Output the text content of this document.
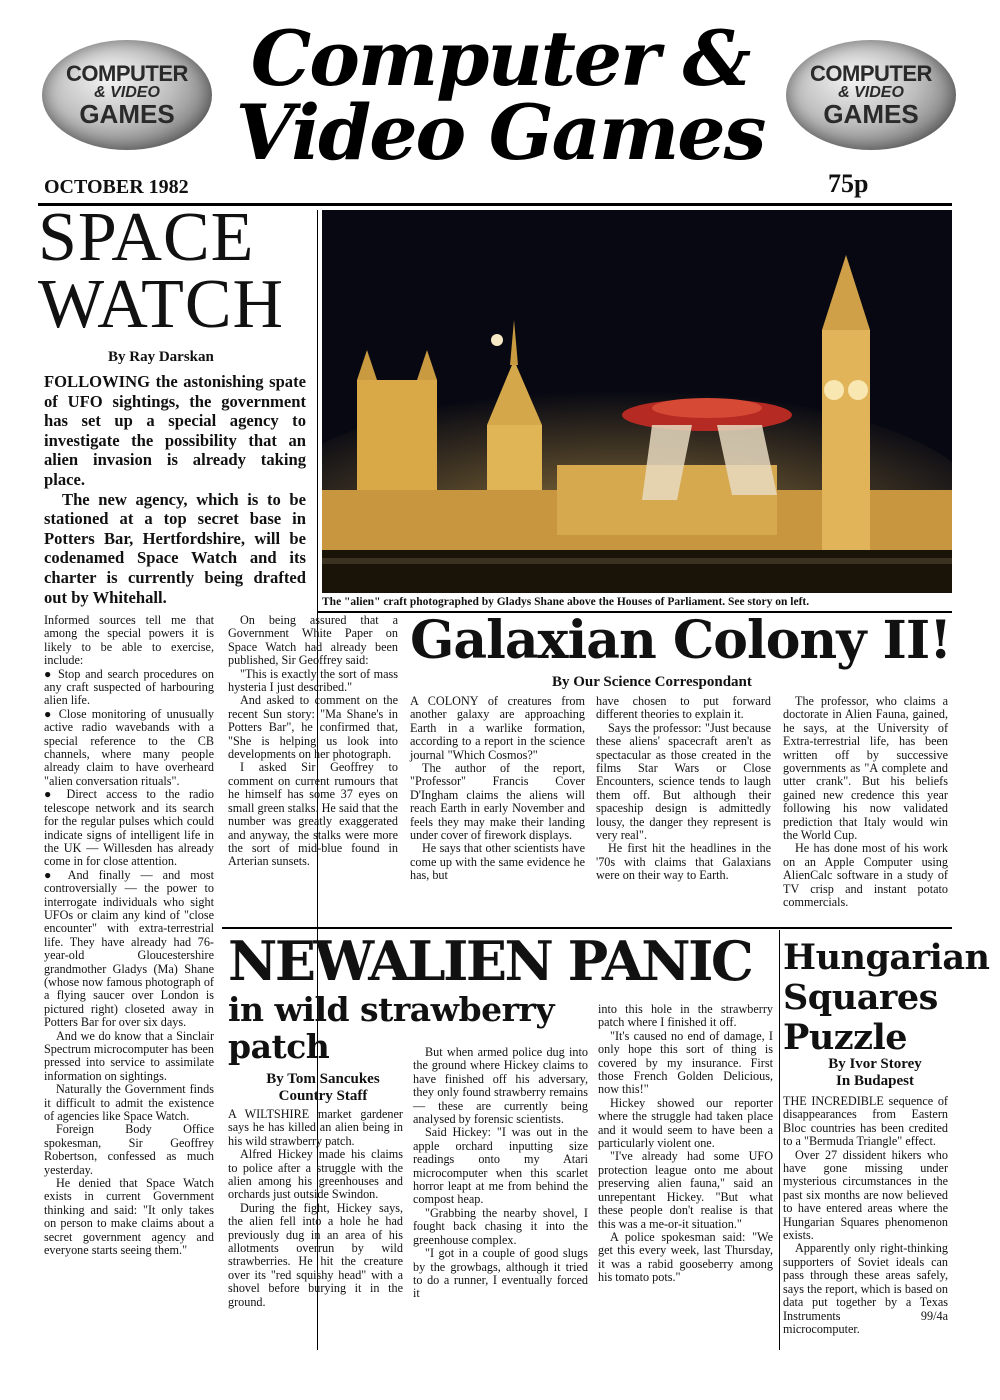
COMPUTER
& VIDEO
GAMES
COMPUTER
& VIDEO
GAMES
Computer &
Video Games
OCTOBER 1982	75p
SPACE
WATCH
By Ray Darskan

FOLLOWING the astonishing spate of UFO sightings, the government has set up a special agency to investigate the possibility that an alien invasion is already taking place.

The new agency, which is to be stationed at a top secret base in Potters Bar, Hertfordshire, will be codenamed Space Watch and its charter is currently being drafted out by Whitehall.

Informed sources tell me that among the special powers it is likely to be able to exercise, include:

● Stop and search procedures on any craft suspected of harbouring alien life.

● Close monitoring of unusually active radio wavebands with a special reference to the CB channels, where many people already claim to have overheard "alien conversation rituals".

● Direct access to the radio telescope network and its search for the regular pulses which could indicate signs of intelligent life in the UK — Willesden has already come in for close attention.

● And finally — and most controversially — the power to interrogate individuals who sight UFOs or claim any kind of "close encounter" with extra-terrestrial life. They have already had 76-year-old Gloucestershire grandmother Gladys (Ma) Shane (whose now famous photograph of a flying saucer over London is pictured right) closeted away in Potters Bar for over six days.

And we do know that a Sinclair Spectrum microcomputer has been pressed into service to assimilate information on sightings.

Naturally the Government finds it difficult to admit the existence of agencies like Space Watch.

Foreign Body Office spokesman, Sir Geoffrey Robertson, confessed as much yesterday.

He denied that Space Watch exists in current Government thinking and said: "It only takes on person to make claims about a secret government agency and everyone starts seeing them."

On being assured that a Government White Paper on Space Watch had already been published, Sir Geoffrey said:

"This is exactly the sort of mass hysteria I just described."

And asked to comment on the recent Sun story: "Ma Shane's in Potters Bar", he confirmed that, "She is helping us look into developments on her photograph.

I asked Sir Geoffrey to comment on current rumours that he himself has some 37 eyes on small green stalks. He said that the number was greatly exaggerated and anyway, the stalks were more the sort of mid-blue found in Arterian sunsets.

The "alien" craft photographed by Gladys Shane above the Houses of Parliament. See story on left.
Galaxian Colony II!
By Our Science Correspondant

A COLONY of creatures from another galaxy are approaching Earth in a warlike formation, according to a report in the science journal "Which Cosmos?"

The author of the report, "Professor" Francis Cover D'Ingham claims the aliens will reach Earth in early November and feels they may make their landing under cover of firework displays.

He says that other scientists have come up with the same evidence he has, but

have chosen to put forward different theories to explain it.

Says the professor: "Just because these aliens' spacecraft aren't as spectacular as those created in the films Star Wars or Close Encounters, science tends to laugh them off. But although their spaceship design is admittedly lousy, the danger they represent is very real".

He first hit the headlines in the '70s with claims that Galaxians were on their way to Earth.

The professor, who claims a doctorate in Alien Fauna, gained, he says, at the University of Extra-terrestrial life, has been written off by successive governments as "A complete and utter crank". But his beliefs gained new credence this year following his now validated prediction that Italy would win the World Cup.

He has done most of his work on an Apple Computer using AlienCalc software in a study of TV crisp and instant potato commercials.

NEWALIEN PANIC
in wild strawberry patch
By Tom Sancukes
Country Staff

A WILTSHIRE market gardener says he has killed an alien being in his wild strawberry patch.

Alfred Hickey made his claims to police after a struggle with the alien among his greenhouses and orchards just outside Swindon.

During the fight, Hickey says, the alien fell into a hole he had previously dug in an area of his allotments overrun by wild strawberries. He hit the creature over its "red squishy head" with a shovel before burying it in the ground.

But when armed police dug into the ground where Hickey claims to have finished off his adversary, they only found strawberry remains — these are currently being analysed by forensic scientists.

Said Hickey: "I was out in the apple orchard inputting size readings onto my Atari microcomputer when this scarlet horror leapt at me from behind the compost heap.

"Grabbing the nearby shovel, I fought back chasing it into the greenhouse complex.

"I got in a couple of good slugs by the growbags, although it tried to do a runner, I eventually forced it

into this hole in the strawberry patch where I finished it off.

"It's caused no end of damage, I only hope this sort of thing is covered by my insurance. First those French Golden Delicious, now this!"

Hickey showed our reporter where the struggle had taken place and it would seem to have been a particularly violent one.

"I've already had some UFO protection league onto me about preserving alien fauna," said an unrepentant Hickey. "But what these people don't realise is that this was a me-or-it situation."

A police spokesman said: "We get this every week, last Thursday, it was a rabid gooseberry among his tomato pots."

Hungarian
Squares
Puzzle
By Ivor Storey
In Budapest

THE INCREDIBLE sequence of disappearances from Eastern Bloc countries has been credited to a "Bermuda Triangle" effect.

Over 27 dissident hikers who have gone missing under mysterious circumstances in the past six months are now believed to have entered areas where the Hungarian Squares phenomenon exists.

Apparently only right-thinking supporters of Soviet ideals can pass through these areas safely, says the report, which is based on data put together by a Texas Instruments 99/4a microcomputer.
